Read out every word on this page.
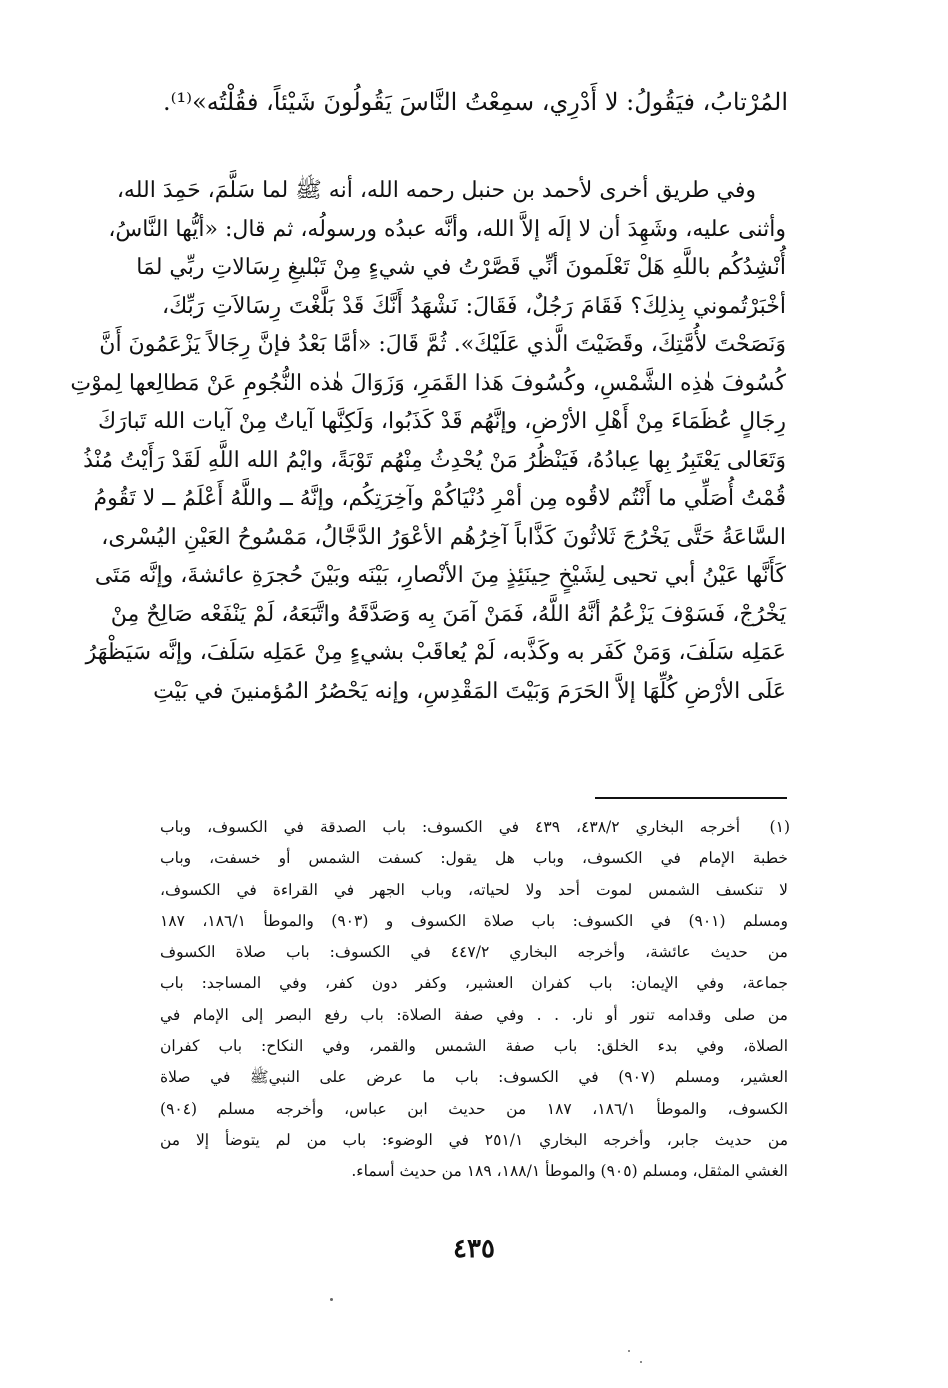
المُرْتابُ، فيَقُولُ: لا أَدْرِي، سمِعْتُ النَّاسَ يَقُولُونَ شَيْئاً، فقُلْتُه»⁽¹⁾.
وفي طريق أخرى لأحمد بن حنبل رحمه الله، أنه ﷺ لما سَلَّمَ، حَمِدَ الله،
وأثنى عليه، وشَهِدَ أن لا إلَه إلاَّ الله، وأنَّه عبدُه ورسولُه، ثم قال: «أيُّها النَّاسُ،
أُنْشِدُكُم باللَّهِ هَلْ تَعْلَمونَ أنِّي قَصَّرْتُ في شيءٍ مِنْ تَبْليغِ رِسَالاتِ ربِّي لمَا
أخْبَرْتُموني بِذلِكَ؟ فَقَامَ رَجُلٌ، فَقَالَ: نَشْهَدُ أَنَّكَ قَدْ بَلَّغْتَ رِسَالاَتِ رَبِّكَ،
وَنَصَحْتَ لأُمَّتِكَ، وقَضَيْتَ الَّذي عَلَيْكَ». ثُمَّ قَالَ: «أمَّا بَعْدُ فإنَّ رِجَالاً يَزْعَمُونَ أَنَّ
كُسُوفَ هٰذِه الشَّمْسِ، وكُسُوفَ هَذا القَمَرِ، وَزَوَالَ هٰذه النُّجُومِ عَنْ مَطالِعها لِموْتِ
رِجَالٍ عُظَمَاءَ مِنْ أَهْلِ الأرْضِ، وإنَّهُم قَدْ كَذَبُوا، وَلَكِنَّها آياتٌ مِنْ آيات الله تَبارَكَ
وَتَعَالى يَعْتَبِرُ بِها عِبادُهُ، فَيَنْظُرُ مَنْ يُحْدِثُ مِنْهُم تَوْبَةً، وايْمُ الله اللَّهِ لَقَدْ رَأَيْتُ مُنْذُ
قُمْتُ أُصَلِّي ما أَنْتُم لاقُوه مِن أمْرِ دُنْيَاكُمْ وآخِرَتِكُم، وإنَّهُ ــ واللَّهُ أَعْلَمُ ــ لا تَقُومُ
السَّاعَةُ حَتَّى يَخْرُجَ ثَلاثُونَ كَذَّاباً آخِرُهُم الأعْوَرُ الدَّجَّالُ، مَمْسُوحُ العَيْنِ اليُسْرى،
كَأَنَّها عَيْنُ أبي تحيى لِشَيْخٍ حِينَئِذٍ مِنَ الأنْصارِ، بَيْنَه وبَيْنَ حُجرَةِ عائشةَ، وإنَّه مَتَى
يَخْرُجْ، فَسَوْفَ يَزْعُمُ أنَّهُ اللَّهُ، فَمَنْ آمَنَ بِه وَصَدَّقَهُ واتَّبَعَهُ، لَمْ يَنْفَعْه صَالِحٌ مِنْ
عَمَلِه سَلَفَ، وَمَنْ كَفَر به وكَذَّبه، لَمْ يُعاقَبْ بشيءٍ مِنْ عَمَلِه سَلَفَ، وإنَّه سَيَظْهَرُ
عَلَى الأرْضِ كُلِّهَا إلاَّ الحَرَمَ وَبَيْتَ المَقْدِسِ، وإنه يَحْصُرُ المُؤمنينَ في بَيْتِ
(١)
أخرجه البخاري ٤٣٨/٢، ٤٣٩ في الكسوف: باب الصدقة في الكسوف، وباب
خطبة الإمام في الكسوف، وباب هل يقول: كسفت الشمس أو خسفت، وباب
لا تنكسف الشمس لموت أحد ولا لحياته، وباب الجهر في القراءة في الكسوف،
ومسلم (٩٠١) في الكسوف: باب صلاة الكسوف و (٩٠٣) والموطأ ١٨٦/١، ١٨٧
من حديث عائشة، وأخرجه البخاري ٤٤٧/٢ في الكسوف: باب صلاة الكسوف
جماعة، وفي الإيمان: باب كفران العشير، وكفر دون كفر، وفي المساجد: باب
من صلى وقدامه تنور أو نار. . . وفي صفة الصلاة: باب رفع البصر إلى الإمام في
الصلاة، وفي بدء الخلق: باب صفة الشمس والقمر، وفي النكاح: باب كفران
العشير، ومسلم (٩٠٧) في الكسوف: باب ما عرض على النبيﷺ في صلاة
الكسوف، والموطأ ١٨٦/١، ١٨٧ من حديث ابن عباس، وأخرجه مسلم (٩٠٤)
من حديث جابر، وأخرجه البخاري ٢٥١/١ في الوضوء: باب من لم يتوضأ إلا من
الغشي المثقل، ومسلم (٩٠٥) والموطأ ١٨٨/١، ١٨٩ من حديث أسماء.
٤٣٥
